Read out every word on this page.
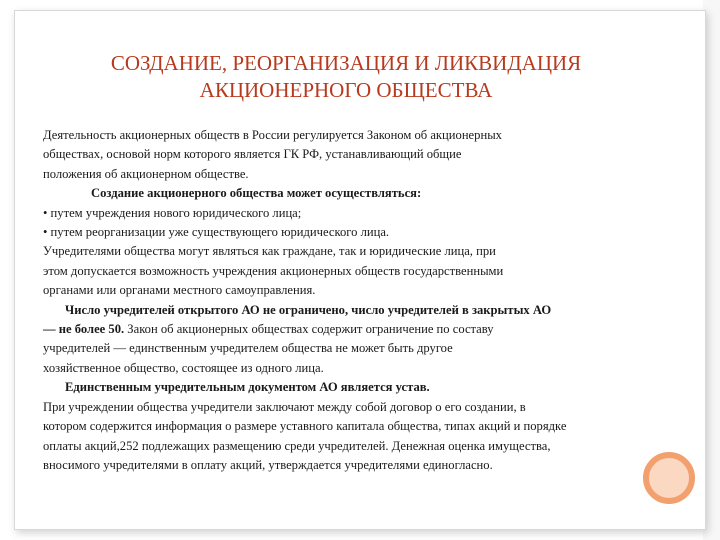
СОЗДАНИЕ, РЕОРГАНИЗАЦИЯ И ЛИКВИДАЦИЯ
АКЦИОНЕРНОГО ОБЩЕСТВА
Деятельность акционерных обществ в России регулируется Законом об акционерных
обществах, основой норм которого является ГК РФ, устанавливающий общие
положения об акционерном обществе.
Создание акционерного общества может осуществляться:
• путем учреждения нового юридического лица;
• путем реорганизации уже существующего юридического лица.
Учредителями общества могут являться как граждане, так и юридические лица, при
этом допускается возможность учреждения акционерных обществ государственными
органами или органами местного самоуправления.
Число учредителей открытого АО не ограничено, число учредителей в закрытых АО
— не более 50. Закон об акционерных обществах содержит ограничение по составу
учредителей — единственным учредителем общества не может быть другое
хозяйственное общество, состоящее из одного лица.
Единственным учредительным документом АО является устав.
При учреждении общества учредители заключают между собой договор о его создании, в
котором содержится информация о размере уставного капитала общества, типах акций и порядке
оплаты акций,252 подлежащих размещению среди учредителей. Денежная оценка имущества,
вносимого учредителями в оплату акций, утверждается учредителями единогласно.
